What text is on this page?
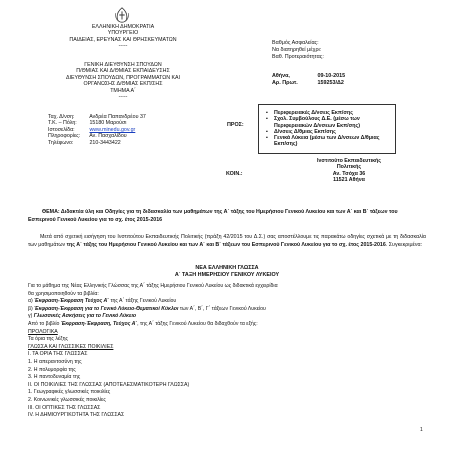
ΕΛΛΗΝΙΚΗ ΔΗΜΟΚΡΑΤΙΑ
ΥΠΟΥΡΓΕΙΟ
ΠΑΙΔΕΙΑΣ, ΕΡΕΥΝΑΣ ΚΑΙ ΘΡΗΣΚΕΥΜΑΤΩΝ
-----
ΓΕΝΙΚΗ ΔΙΕΥΘΥΝΣΗ ΣΠΟΥΔΩΝ
Π/ΘΜΙΑΣ ΚΑΙ Δ/ΘΜΙΑΣ ΕΚΠΑΙΔΕΥΣΗΣ
ΔΙΕΥΘΥΝΣΗ ΣΠΟΥΔΩΝ, ΠΡΟΓΡΑΜΜΑΤΩΝ ΚΑΙ
ΟΡΓΑΝΩΣΗΣ Δ/ΘΜΙΑΣ ΕΚΠ/ΣΗΣ
ΤΜΗΜΑ Α΄
-----
Ταχ. Δ/νση:	Ανδρέα Παπανδρέου 37
Τ.Κ. – Πόλη: 15180 Μαρούσι
Ιστοσελίδα:	www.minedu.gov.gr
Πληροφορίες: Αν. Πασχαλίδου
Τηλέφωνο:	210-3443422
Βαθμός Ασφαλείας:
Να διατηρηθεί μέχρι:
Βαθ. Προτεραιότητας:
Αθήνα,	09-10-2015
Αρ. Πρωτ.	159253/Δ2
ΠΡΟΣ:
▪ Περιφερειακές Δ/νσεις Εκπ/σης
▪ Σχολ. Συμβούλους Δ.Ε. (μέσω των Περιφερειακών Δ/νσεων Εκπ/σης)
▪ Δ/νσεις Δ/θμιας Εκπ/σης
▪ Γενικά Λύκεια (μέσω των Δ/νσεων Δ/θμιας Εκπ/σης)
ΚΟΙΝ.:
Ινστιτούτο Εκπαιδευτικής
Πολιτικής
Αν. Τσόχα 36
11521 Αθήνα
ΘΕΜΑ: Διδακτέα ύλη και Οδηγίες για τη διδασκαλία των μαθημάτων της Α΄ τάξης του Ημερήσιου Γενικού Λυκείου και των Α΄ και Β΄ τάξεων του Εσπερινού Γενικού Λυκείου για το σχ. έτος 2015-2016
Μετά από σχετική εισήγηση του Ινστιτούτου Εκπαιδευτικής Πολιτικής (πράξη 42/2015 του Δ.Σ.) σας αποστέλλουμε τις παρακάτω οδηγίες σχετικά με τη διδασκαλία των μαθημάτων της Α΄ τάξης του Ημερήσιου Γενικού Λυκείου και των Α΄ και Β΄ τάξεων του Εσπερινού Γενικού Λυκείου για το σχ. έτος 2015-2016. Συγκεκριμένα:
ΝΕΑ ΕΛΛΗΝΙΚΗ ΓΛΩΣΣΑ
Α΄ ΤΑΞΗ ΗΜΕΡΗΣΙΟΥ ΓΕΝΙΚΟΥ ΛΥΚΕΙΟΥ
Για το μάθημα της Νέας Ελληνικής Γλώσσας της Α΄ τάξης Ημερήσιου Γενικού Λυκείου ως διδακτικά εγχειρίδια
θα χρησιμοποιηθούν τα βιβλία:
α) Έκφραση-Έκφραση Τεύχος Α΄ της Α΄ τάξης Γενικού Λυκείου
β) Έκφραση-Έκφραση για το Γενικό Λύκειο-Θεματικοί Κύκλοι των Α΄, Β΄, Γ΄ τάξεων Γενικού Λυκείου
γ) Γλωσσικές Ασκήσεις για το Γενικό Λύκειο
Από το βιβλίο Έκφραση-Έκφραση, Τεύχος Α΄, της Α΄ τάξης Γενικού Λυκείου θα διδαχθούν τα εξής:
ΠΡΟΛΟΓΙΚΑ
Τα όρια της λέξης
ΓΛΩΣΣΑ ΚΑΙ ΓΛΩΣΣΙΚΕΣ ΠΟΙΚΙΛΙΕΣ
Ι. ΤΑ ΟΡΙΑ ΤΗΣ ΓΛΩΣΣΑΣ
1. Η απεραντοσύνη της
2. Η πολυμορφία της
3. Η παντοδυναμία της
ΙΙ. ΟΙ ΠΟΙΚΙΛΙΕΣ ΤΗΣ ΓΛΩΣΣΑΣ (ΑΠΟΤΕΛΕΣΜΑΤΙΚΟΤΕΡΗ ΓΛΩΣΣΑ)
1. Γεωγραφικές γλωσσικές ποικιλίες
2. Κοινωνικές γλωσσικές ποικιλίες
ΙΙΙ. ΟΙ ΟΠΤΙΚΕΣ ΤΗΣ ΓΛΩΣΣΑΣ
IV. Η ΔΗΜΙΟΥΡΓΙΚΟΤΗΤΑ ΤΗΣ ΓΛΩΣΣΑΣ
1
